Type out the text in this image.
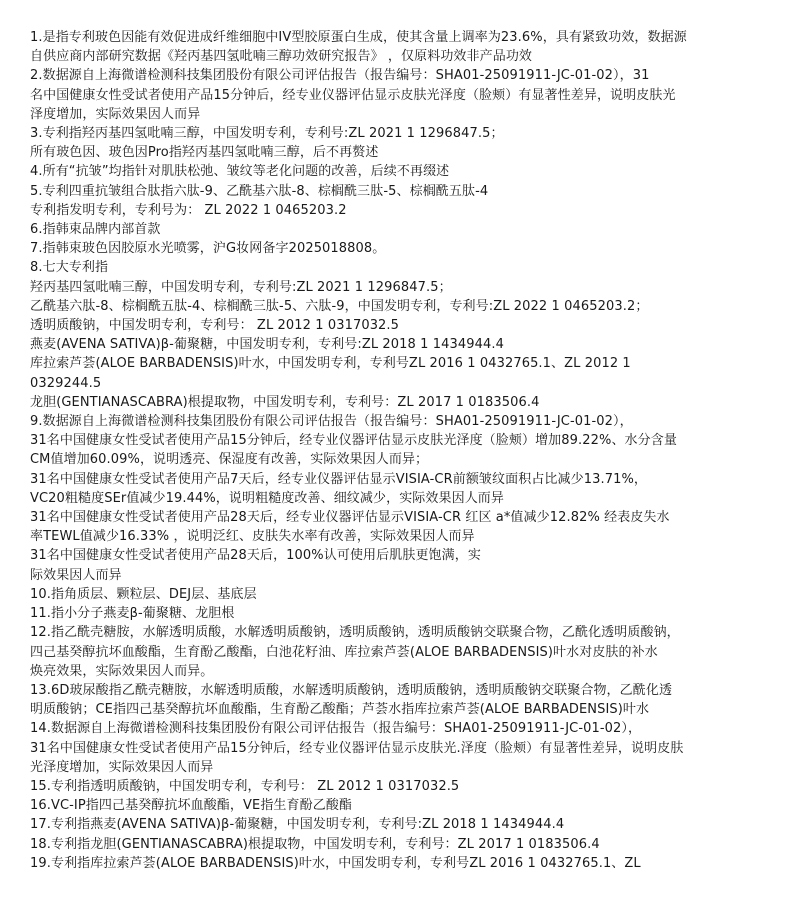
1.是指专利玻色因能有效促进成纤维细胞中IV型胶原蛋白生成，使其含量上调率为23.6%，具有紧致功效，数据源
自供应商内部研究数据《羟丙基四氢吡喃三醇功效研究报告》 ，仅原料功效非产品功效
2.数据源自上海微谱检测科技集团股份有限公司评估报告（报告编号：SHA01-25091911-JC-01-02），31
名中国健康女性受试者使用产品15分钟后，经专业仪器评估显示皮肤光泽度（脸颊）有显著性差异，说明皮肤光
泽度增加，实际效果因人而异
3.专利指羟丙基四氢吡喃三醇，中国发明专利，专利号:ZL 2021 1 1296847.5；
所有玻色因、玻色因Pro指羟丙基四氢吡喃三醇，后不再赘述
4.所有“抗皱”均指针对肌肤松弛、皱纹等老化问题的改善，后续不再缀述
5.专利四重抗皱组合肽指六肽-9、乙酰基六肽-8、棕榈酰三肽-5、棕榈酰五肽-4
专利指发明专利，专利号为： ZL 2022 1 0465203.2
6.指韩束品牌内部首款
7.指韩束玻色因胶原水光喷雾，沪G妆网备字2025018808。
8.七大专利指
羟丙基四氢吡喃三醇，中国发明专利，专利号:ZL 2021 1 1296847.5；
乙酰基六肽-8、棕榈酰五肽-4、棕榈酰三肽-5、六肽-9，中国发明专利，专利号:ZL 2022 1 0465203.2；
透明质酸钠，中国发明专利，专利号： ZL 2012 1 0317032.5
燕麦(AVENA SATIVA)β-葡聚糖，中国发明专利，专利号:ZL 2018 1 1434944.4
库拉索芦荟(ALOE BARBADENSIS)叶水，中国发明专利，专利号ZL 2016 1 0432765.1、ZL 2012 1
0329244.5
龙胆(GENTIANASCABRA)根提取物，中国发明专利，专利号：ZL 2017 1 0183506.4
9.数据源自上海微谱检测科技集团股份有限公司评估报告（报告编号：SHA01-25091911-JC-01-02），
31名中国健康女性受试者使用产品15分钟后，经专业仪器评估显示皮肤光泽度（脸颊）增加89.22%、水分含量
CM值增加60.09%，说明透亮、保湿度有改善，实际效果因人而异；
31名中国健康女性受试者使用产品7天后，经专业仪器评估显示VISIA-CR前额皱纹面积占比减少13.71%，
VC20粗糙度SEr值减少19.44%，说明粗糙度改善、细纹减少，实际效果因人而异
31名中国健康女性受试者使用产品28天后，经专业仪器评估显示VISIA-CR 红区 a*值减少12.82% 经表皮失水
率TEWL值减少16.33% ，说明泛红、皮肤失水率有改善，实际效果因人而异
31名中国健康女性受试者使用产品28天后，100%认可使用后肌肤更饱满，实
际效果因人而异
10.指角质层、颗粒层、DEJ层、基底层
11.指小分子燕麦β-葡聚糖、龙胆根
12.指乙酰壳糖胺，水解透明质酸，水解透明质酸钠，透明质酸钠，透明质酸钠交联聚合物，乙酰化透明质酸钠，
四己基癸醇抗坏血酸酯，生育酚乙酸酯，白池花籽油、库拉索芦荟(ALOE BARBADENSIS)叶水对皮肤的补水
焕亮效果，实际效果因人而异。
13.6D玻尿酸指乙酰壳糖胺，水解透明质酸，水解透明质酸钠，透明质酸钠，透明质酸钠交联聚合物，乙酰化透
明质酸钠；CE指四己基癸醇抗坏血酸酯，生育酚乙酸酯；芦荟水指库拉索芦荟(ALOE BARBADENSIS)叶水
14.数据源自上海微谱检测科技集团股份有限公司评估报告（报告编号：SHA01-25091911-JC-01-02），
31名中国健康女性受试者使用产品15分钟后，经专业仪器评估显示皮肤光.泽度（脸颊）有显著性差异，说明皮肤
光泽度增加，实际效果因人而异
15.专利指透明质酸钠，中国发明专利，专利号： ZL 2012 1 0317032.5
16.VC-IP指四己基癸醇抗坏血酸酯，VE指生育酚乙酸酯
17.专利指燕麦(AVENA SATIVA)β-葡聚糖，中国发明专利，专利号:ZL 2018 1 1434944.4
18.专利指龙胆(GENTIANASCABRA)根提取物，中国发明专利，专利号：ZL 2017 1 0183506.4
19.专利指库拉索芦荟(ALOE BARBADENSIS)叶水，中国发明专利，专利号ZL 2016 1 0432765.1、ZL
